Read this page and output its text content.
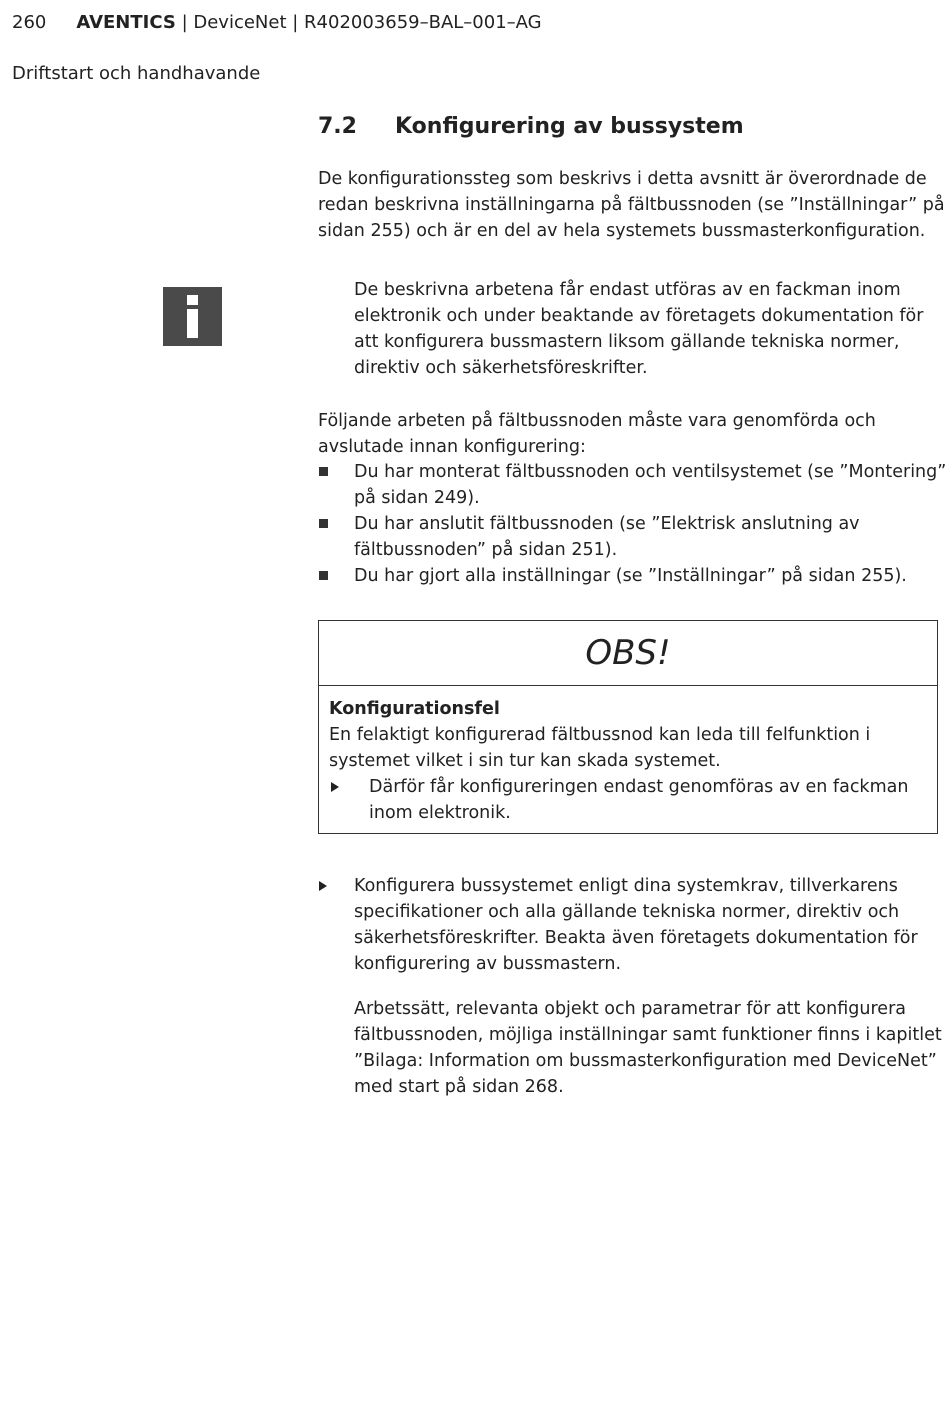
260 AVENTICS | DeviceNet | R402003659–BAL–001–AG
Driftstart och handhavande
7.2 Konfigurering av bussystem
De konfigurationssteg som beskrivs i detta avsnitt är överordnade de
redan beskrivna inställningarna på fältbussnoden (se ”Inställningar” på
sidan 255) och är en del av hela systemets bussmasterkonfiguration.
De beskrivna arbetena får endast utföras av en fackman inom
elektronik och under beaktande av företagets dokumentation för
att konfigurera bussmastern liksom gällande tekniska normer,
direktiv och säkerhetsföreskrifter.
Följande arbeten på fältbussnoden måste vara genomförda och
avslutade innan konfigurering:
Du har monterat fältbussnoden och ventilsystemet (se ”Montering”
på sidan 249).
Du har anslutit fältbussnoden (se ”Elektrisk anslutning av
fältbussnoden” på sidan 251).
Du har gjort alla inställningar (se ”Inställningar” på sidan 255).
OBS!
Konfigurationsfel
En felaktigt konfigurerad fältbussnod kan leda till felfunktion i
systemet vilket i sin tur kan skada systemet.
Därför får konfigureringen endast genomföras av en fackman
inom elektronik.
Konfigurera bussystemet enligt dina systemkrav, tillverkarens
specifikationer och alla gällande tekniska normer, direktiv och
säkerhetsföreskrifter. Beakta även företagets dokumentation för
konfigurering av bussmastern.
Arbetssätt, relevanta objekt och parametrar för att konfigurera
fältbussnoden, möjliga inställningar samt funktioner finns i kapitlet
”Bilaga: Information om bussmasterkonfiguration med DeviceNet”
med start på sidan 268.
